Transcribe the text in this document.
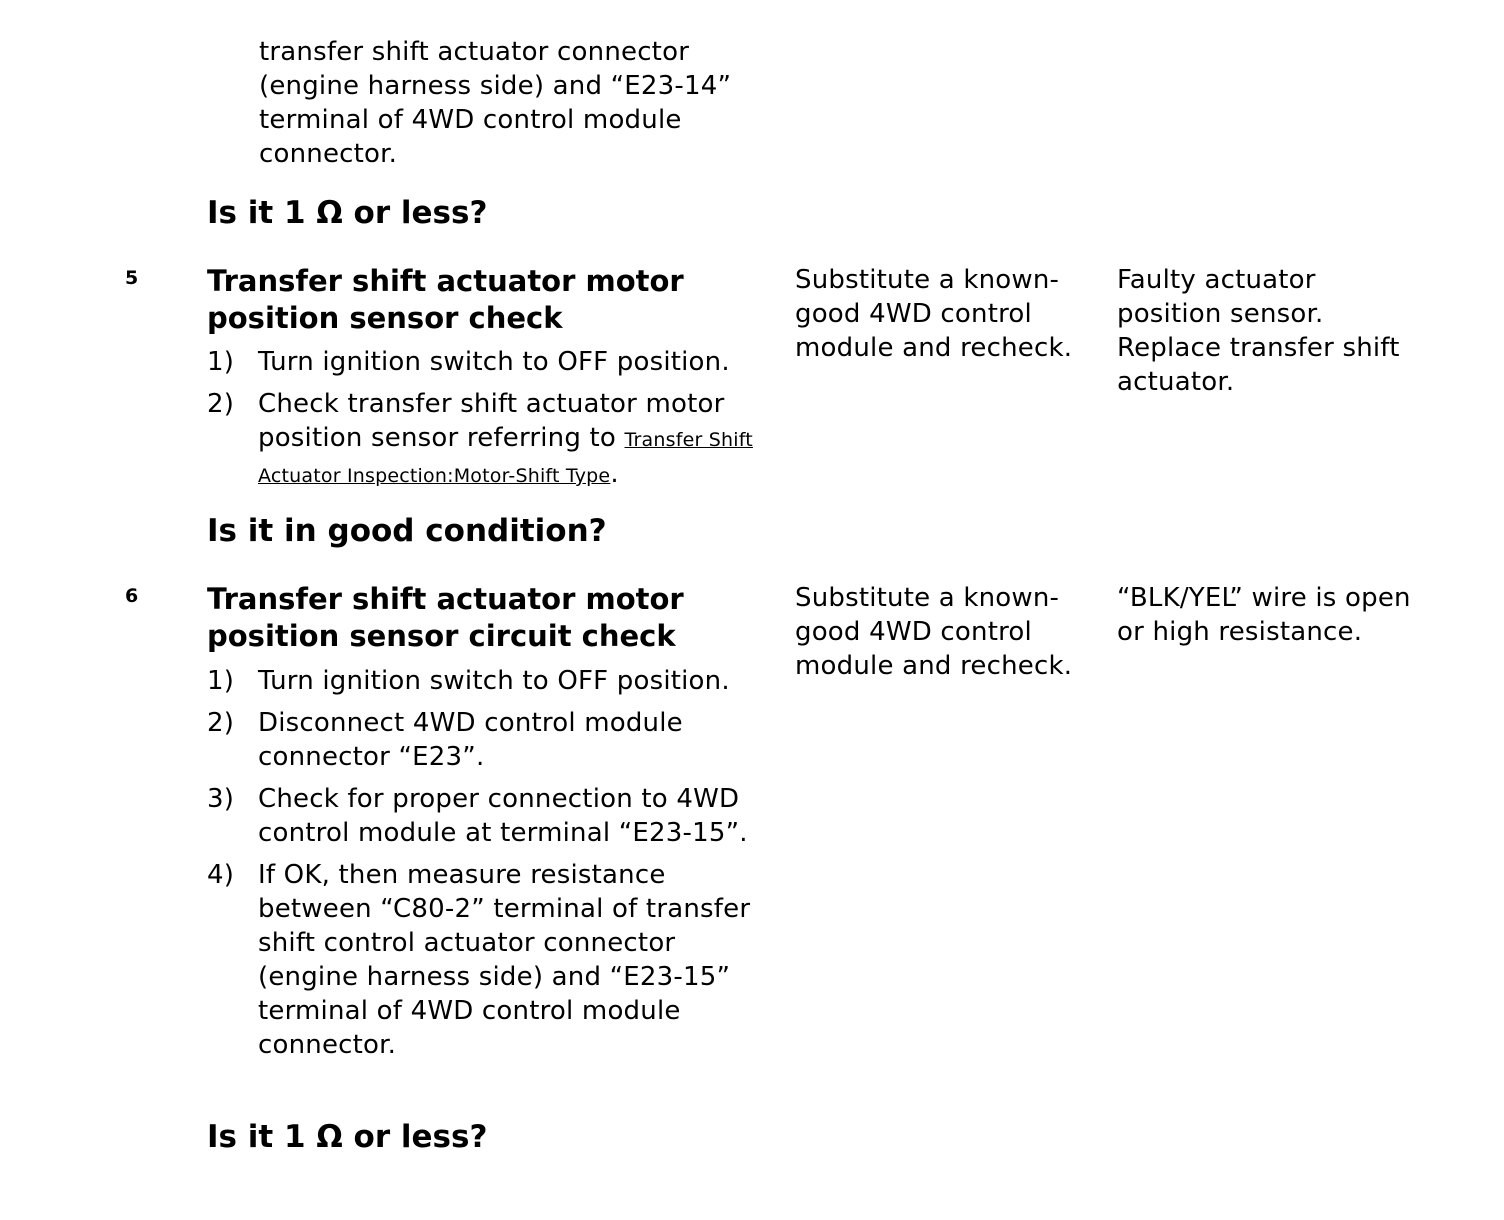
transfer shift actuator connector
(engine harness side) and “E23-14”
terminal of 4WD control module
connector.
Is it 1 Ω or less?
5 Transfer shift actuator motor position sensor check
1) Turn ignition switch to OFF position.
2) Check transfer shift actuator motor position sensor referring to Transfer Shift Actuator Inspection:Motor-Shift Type.
Is it in good condition?
Substitute a known-good 4WD control module and recheck.
Faulty actuator position sensor. Replace transfer shift actuator.
6 Transfer shift actuator motor position sensor circuit check
1) Turn ignition switch to OFF position.
2) Disconnect 4WD control module connector “E23”.
3) Check for proper connection to 4WD control module at terminal “E23-15”.
4) If OK, then measure resistance between “C80-2” terminal of transfer shift control actuator connector (engine harness side) and “E23-15” terminal of 4WD control module connector.
Is it 1 Ω or less?
Substitute a known-good 4WD control module and recheck.
“BLK/YEL” wire is open or high resistance.
